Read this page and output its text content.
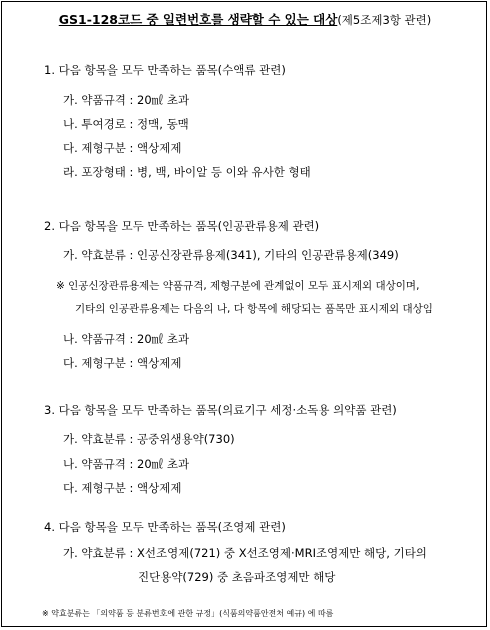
GS1-128코드 중 일련번호를 생략할 수 있는 대상(제5조제3항 관련)
1. 다음 항목을 모두 만족하는 품목(수액류 관련)
가. 약품규격 : 20㎖ 초과
나. 투여경로 : 정맥, 동맥
다. 제형구분 : 액상제제
라. 포장형태 : 병, 백, 바이알 등 이와 유사한 형태
2. 다음 항목을 모두 만족하는 품목(인공관류용제 관련)
가. 약효분류 : 인공신장관류용제(341), 기타의 인공관류용제(349)
※ 인공신장관류용제는 약품규격, 제형구분에 관계없이 모두 표시제외 대상이며,
기타의 인공관류용제는 다음의 나, 다 항목에 해당되는 품목만 표시제외 대상임
나. 약품규격 : 20㎖ 초과
다. 제형구분 : 액상제제
3. 다음 항목을 모두 만족하는 품목(의료기구 세정·소독용 의약품 관련)
가. 약효분류 : 공중위생용약(730)
나. 약품규격 : 20㎖ 초과
다. 제형구분 : 액상제제
4. 다음 항목을 모두 만족하는 품목(조영제 관련)
가. 약효분류 : X선조영제(721) 중 X선조영제·MRI조영제만 해당, 기타의
진단용약(729) 중 초음파조영제만 해당
※ 약효분류는 「의약품 등 분류번호에 관한 규정」(식품의약품안전처 예규) 에 따름
